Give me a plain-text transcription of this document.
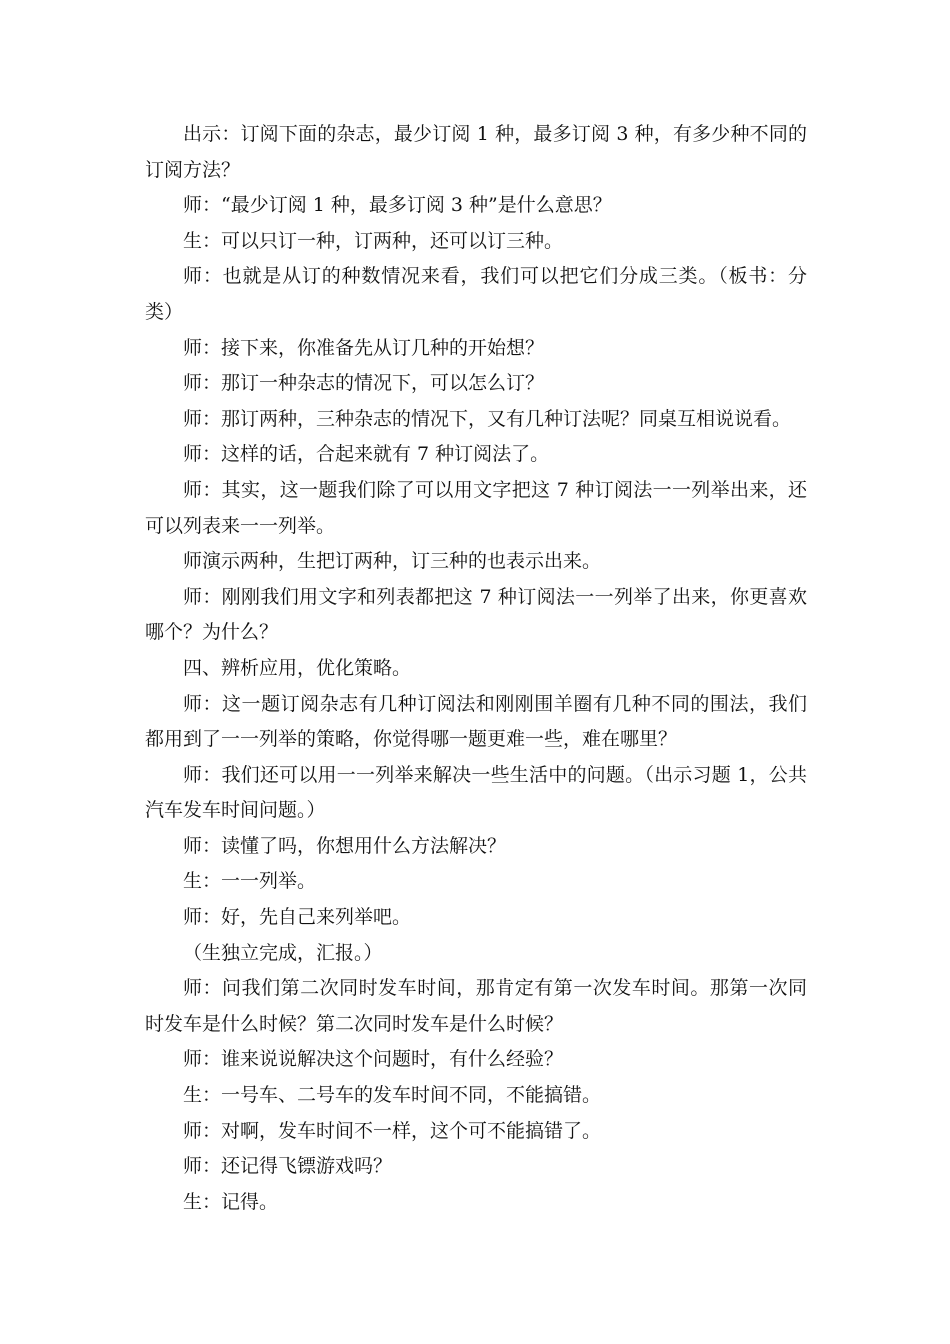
出示：订阅下面的杂志，最少订阅 1 种，最多订阅 3 种，有多少种不同的订阅方法？

师：“最少订阅 1 种，最多订阅 3 种”是什么意思？

生：可以只订一种，订两种，还可以订三种。

师：也就是从订的种数情况来看，我们可以把它们分成三类。（板书：分类）

师：接下来，你准备先从订几种的开始想？

师：那订一种杂志的情况下，可以怎么订？

师：那订两种，三种杂志的情况下，又有几种订法呢？同桌互相说说看。

师：这样的话，合起来就有 7 种订阅法了。

师：其实，这一题我们除了可以用文字把这 7 种订阅法一一列举出来，还可以列表来一一列举。

师演示两种，生把订两种，订三种的也表示出来。

师：刚刚我们用文字和列表都把这 7 种订阅法一一列举了出来，你更喜欢哪个？为什么？

四、辨析应用，优化策略。

师：这一题订阅杂志有几种订阅法和刚刚围羊圈有几种不同的围法，我们都用到了一一列举的策略，你觉得哪一题更难一些，难在哪里？

师：我们还可以用一一列举来解决一些生活中的问题。（出示习题 1，公共汽车发车时间问题。）

师：读懂了吗，你想用什么方法解决？

生：一一列举。

师：好，先自己来列举吧。

（生独立完成，汇报。）

师：问我们第二次同时发车时间，那肯定有第一次发车时间。那第一次同时发车是什么时候？第二次同时发车是什么时候？

师：谁来说说解决这个问题时，有什么经验？

生：一号车、二号车的发车时间不同，不能搞错。

师：对啊，发车时间不一样，这个可不能搞错了。

师：还记得飞镖游戏吗？

生：记得。
